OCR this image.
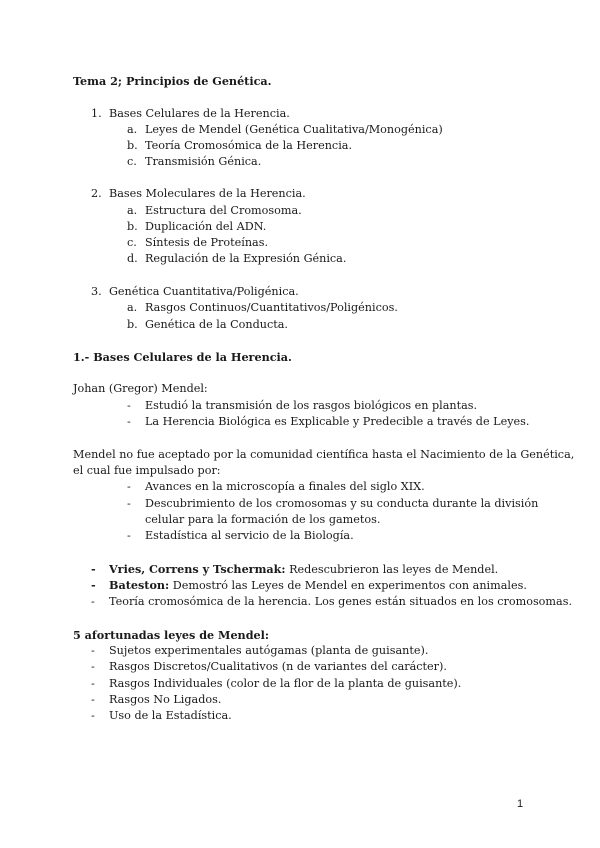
Tema 2; Principios de Genética.
1. Bases Celulares de la Herencia.
a. Leyes de Mendel (Genética Cualitativa/Monogénica)
b. Teoría Cromosómica de la Herencia.
c. Transmisión Génica.
2. Bases Moleculares de la Herencia.
a. Estructura del Cromosoma.
b. Duplicación del ADN.
c. Síntesis de Proteínas.
d. Regulación de la Expresión Génica.
3. Genética Cuantitativa/Poligénica.
a. Rasgos Continuos/Cuantitativos/Poligénicos.
b. Genética de la Conducta.
1.- Bases Celulares de la Herencia.
Johan (Gregor) Mendel:
- Estudió la transmisión de los rasgos biológicos en plantas.
- La Herencia Biológica es Explicable y Predecible a través de Leyes.
Mendel no fue aceptado por la comunidad científica hasta el Nacimiento de la Genética,
el cual fue impulsado por:
- Avances en la microscopía a finales del siglo XIX.
- Descubrimiento de los cromosomas y su conducta durante la división
celular para la formación de los gametos.
- Estadística al servicio de la Biología.
- Vries, Correns y Tschermak: Redescubrieron las leyes de Mendel.
- Bateston: Demostró las Leyes de Mendel en experimentos con animales.
- Teoría cromosómica de la herencia. Los genes están situados en los cromosomas.
5 afortunadas leyes de Mendel:
- Sujetos experimentales autógamas (planta de guisante).
- Rasgos Discretos/Cualitativos (n de variantes del carácter).
- Rasgos Individuales (color de la flor de la planta de guisante).
- Rasgos No Ligados.
- Uso de la Estadística.
1
